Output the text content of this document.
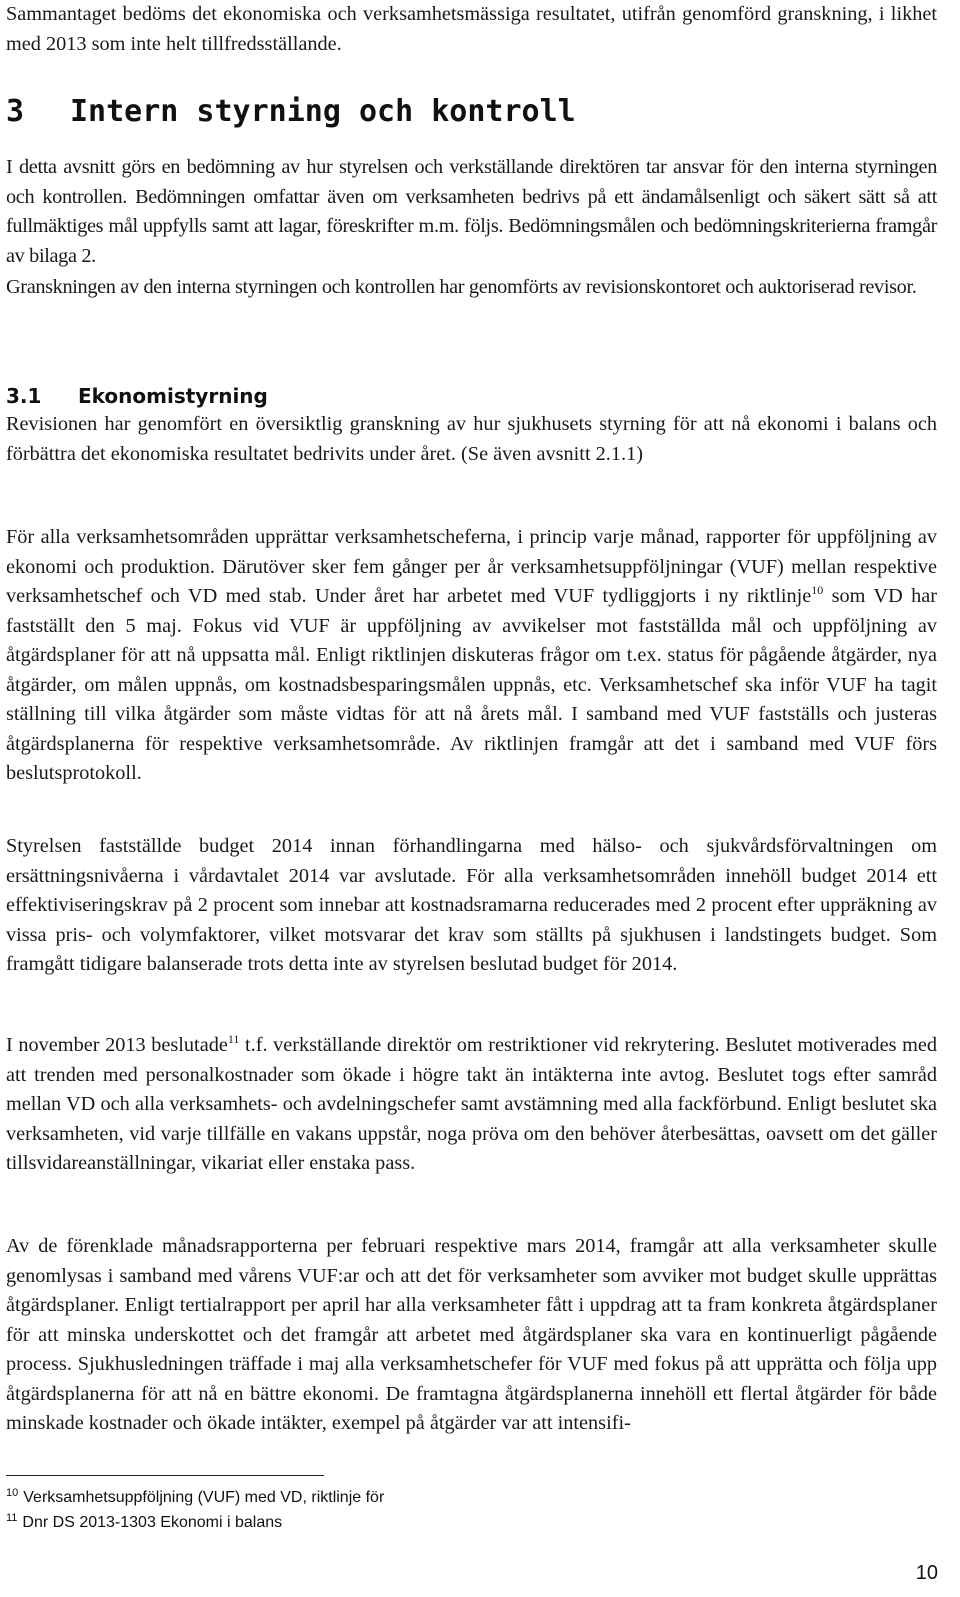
Sammantaget bedöms det ekonomiska och verksamhetsmässiga resultatet, utifrån genomförd granskning, i likhet med 2013 som inte helt tillfredsställande.

3 Intern styrning och kontroll

I detta avsnitt görs en bedömning av hur styrelsen och verkställande direktören tar ansvar för den interna styrningen och kontrollen. Bedömningen omfattar även om verksamheten bedrivs på ett ändamålsenligt och säkert sätt så att fullmäktiges mål uppfylls samt att lagar, föreskrifter m.m. följs. Bedömningsmålen och bedömningskriterierna framgår av bilaga 2.

Granskningen av den interna styrningen och kontrollen har genomförts av revisionskontoret och auktoriserad revisor.

3.1 Ekonomistyrning

Revisionen har genomfört en översiktlig granskning av hur sjukhusets styrning för att nå ekonomi i balans och förbättra det ekonomiska resultatet bedrivits under året. (Se även avsnitt 2.1.1)

För alla verksamhetsområden upprättar verksamhetscheferna, i princip varje månad, rapporter för uppföljning av ekonomi och produktion. Därutöver sker fem gånger per år verksamhetsuppföljningar (VUF) mellan respektive verksamhetschef och VD med stab. Under året har arbetet med VUF tydliggjorts i ny riktlinje$^{10}$ som VD har fastställt den 5 maj. Fokus vid VUF är uppföljning av avvikelser mot fastställda mål och uppföljning av åtgärdsplaner för att nå uppsatta mål. Enligt riktlinjen diskuteras frågor om t.ex. status för pågående åtgärder, nya åtgärder, om målen uppnås, om kostnadsbesparingsmålen uppnås, etc. Verksamhetschef ska inför VUF ha tagit ställning till vilka åtgärder som måste vidtas för att nå årets mål. I samband med VUF fastställs och justeras åtgärdsplanerna för respektive verksamhetsområde. Av riktlinjen framgår att det i samband med VUF förs beslutsprotokoll.

Styrelsen fastställde budget 2014 innan förhandlingarna med hälso- och sjukvårdsförvaltningen om ersättningsnivåerna i vårdavtalet 2014 var avslutade. För alla verksamhetsområden innehöll budget 2014 ett effektiviseringskrav på 2 procent som innebar att kostnadsramarna reducerades med 2 procent efter uppräkning av vissa pris- och volymfaktorer, vilket motsvarar det krav som ställts på sjukhusen i landstingets budget. Som framgått tidigare balanserade trots detta inte av styrelsen beslutad budget för 2014.

I november 2013 beslutade$^{11}$ t.f. verkställande direktör om restriktioner vid rekrytering. Beslutet motiverades med att trenden med personalkostnader som ökade i högre takt än intäkterna inte avtog. Beslutet togs efter samråd mellan VD och alla verksamhets- och avdelningschefer samt avstämning med alla fackförbund. Enligt beslutet ska verksamheten, vid varje tillfälle en vakans uppstår, noga pröva om den behöver återbesättas, oavsett om det gäller tillsvidareanställningar, vikariat eller enstaka pass.

Av de förenklade månadsrapporterna per februari respektive mars 2014, framgår att alla verksamheter skulle genomlysas i samband med vårens VUF:ar och att det för verksamheter som avviker mot budget skulle upprättas åtgärdsplaner. Enligt tertialrapport per april har alla verksamheter fått i uppdrag att ta fram konkreta åtgärdsplaner för att minska underskottet och det framgår att arbetet med åtgärdsplaner ska vara en kontinuerligt pågående process. Sjukhusledningen träffade i maj alla verksamhetschefer för VUF med fokus på att upprätta och följa upp åtgärdsplanerna för att nå en bättre ekonomi. De framtagna åtgärdsplanerna innehöll ett flertal åtgärder för både minskade kostnader och ökade intäkter, exempel på åtgärder var att intensifi-

$^{10}$ Verksamhetsuppföljning (VUF) med VD, riktlinje för

$^{11}$ Dnr DS 2013-1303 Ekonomi i balans

10
